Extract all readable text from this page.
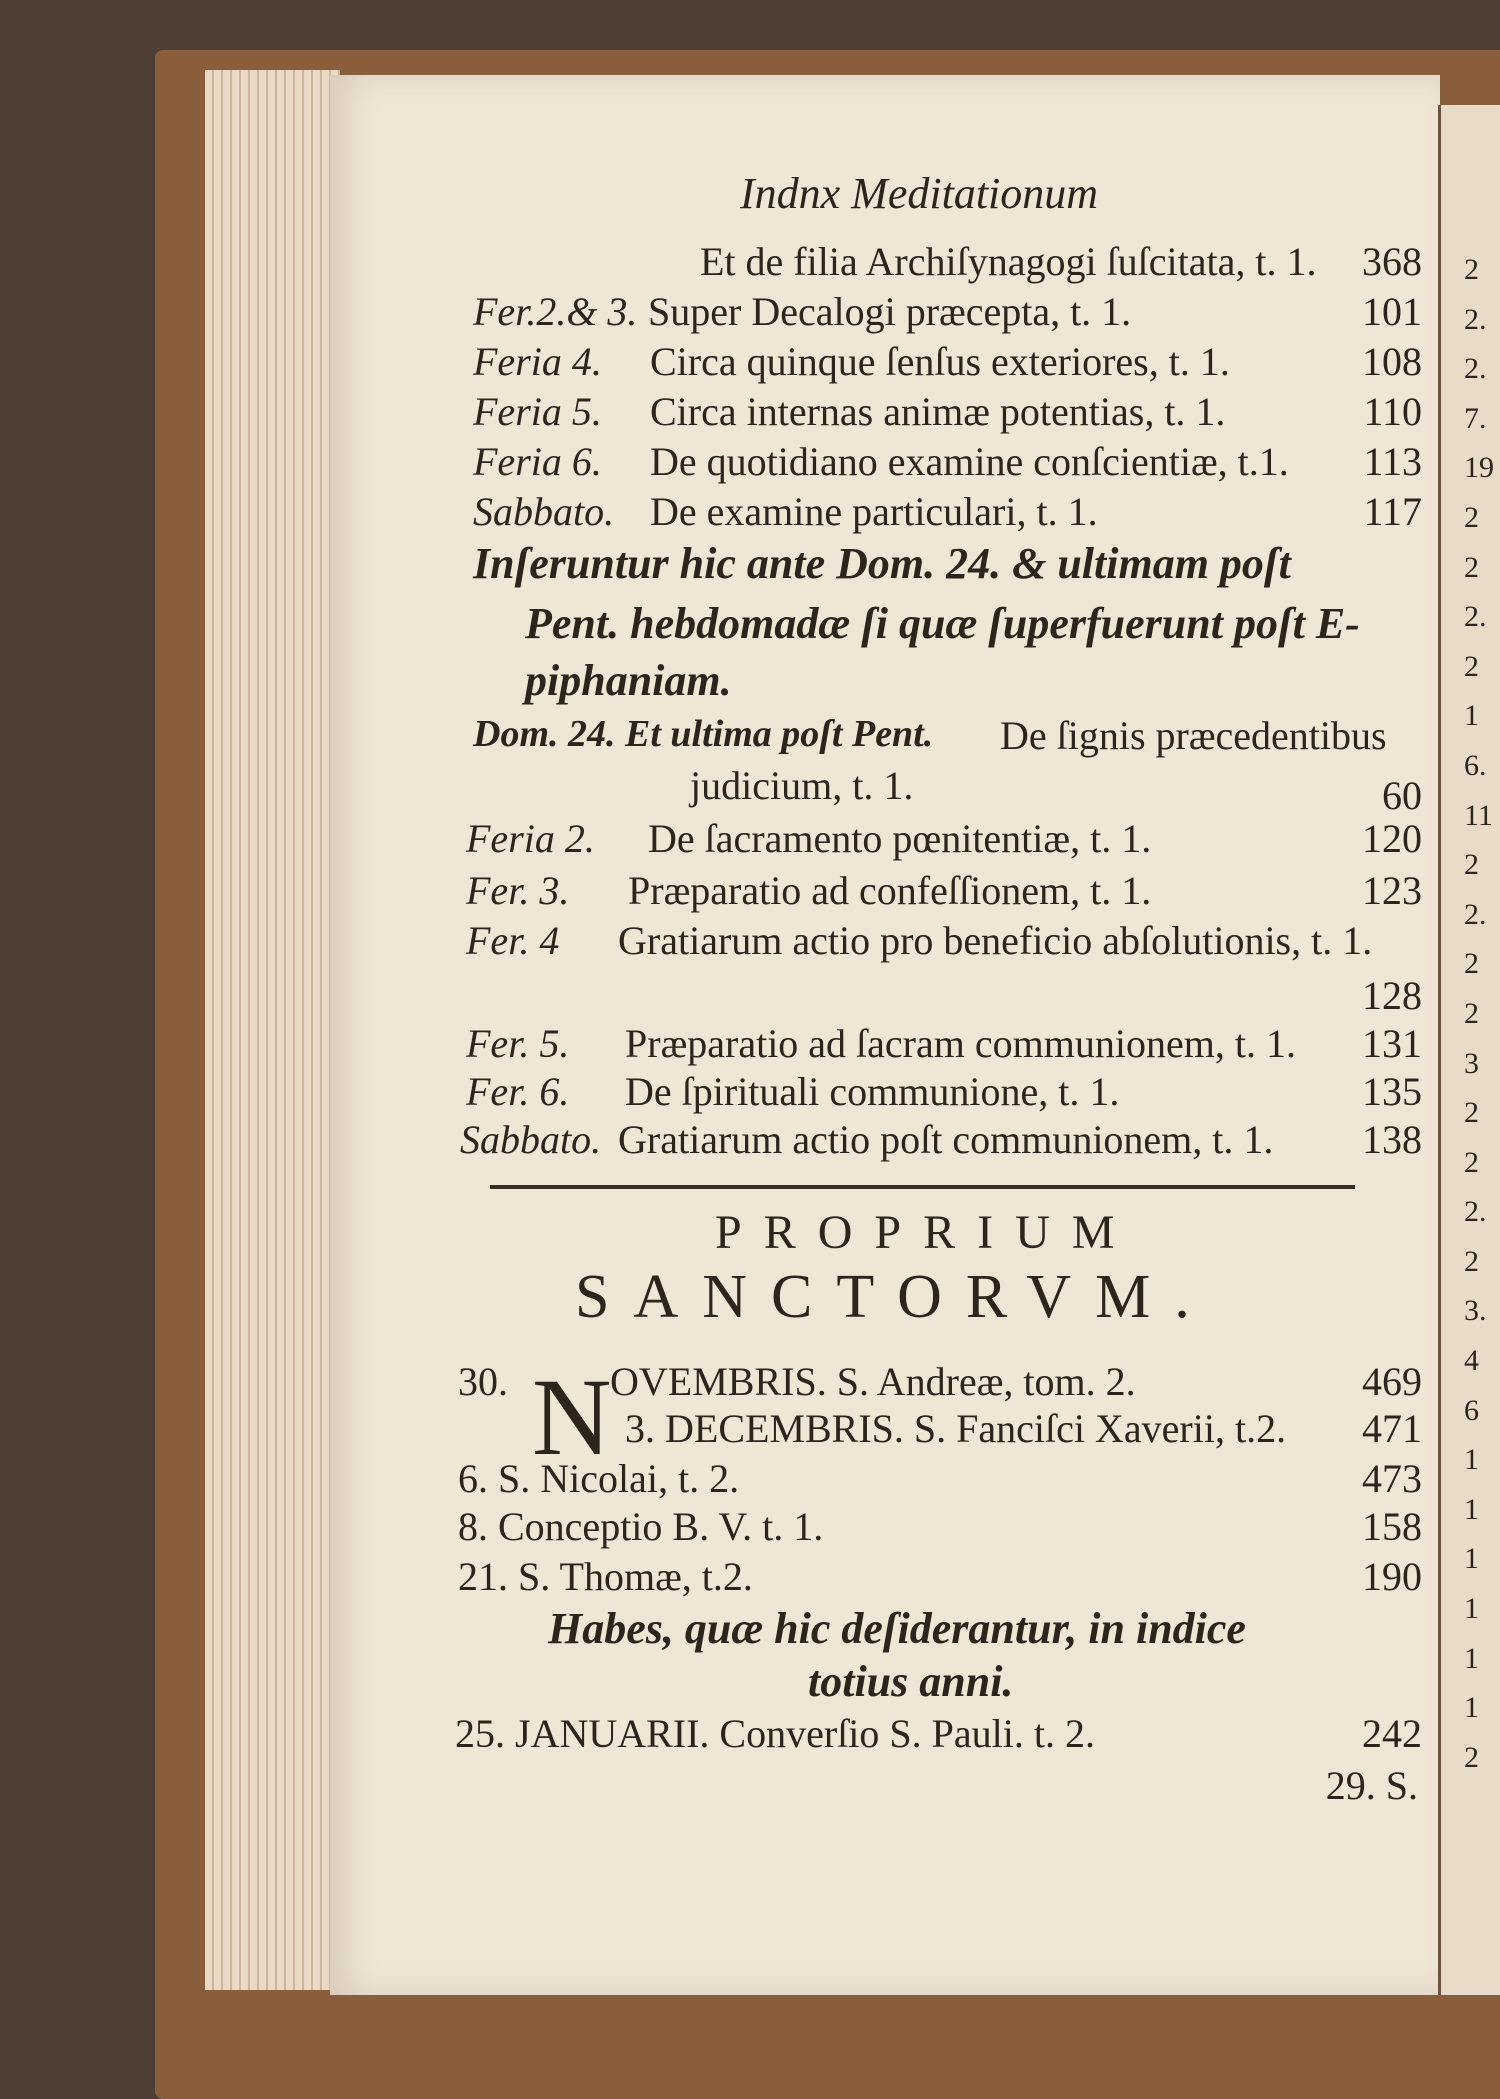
2
2.
2.
7.
19
2
2
2.
2
1
6.
11
2
2.
2
2
3
2
2
2.
2
3.
4
6
1
1
1
1
1
1
2
Indnx Meditationum
Et de filia Archiſynagogi ſuſcitata, t. 1. 368
Fer.2.& 3. Super Decalogi præcepta, t. 1.	101
Feria 4. Circa quinque ſenſus exteriores, t. 1.	108
Feria 5. Circa internas animæ potentias, t. 1.	110
Feria 6. De quotidiano examine conſcientiæ, t.1. 113
Sabbato. De examine particulari, t. 1.	117
Inſeruntur hic ante Dom. 24. & ultimam poſt
Pent. hebdomadæ ſi quæ ſuperfuerunt poſt E-
piphaniam.
Dom. 24. Et ultima poſt Pent. De ſignis præcedentibus
judicium, t. 1.	60
Feria 2. De ſacramento pœnitentiæ, t. 1.	120
Fer. 3. Præparatio ad confeſſionem, t. 1.	123
Fer. 4 Gratiarum actio pro beneficio abſolutionis, t. 1.
128
Fer. 5. Præparatio ad ſacram communionem, t. 1. 131
Fer. 6. De ſpirituali communione, t. 1.	135
Sabbato. Gratiarum actio poſt communionem, t. 1. 138
PROPRIUM
SANCTORVM.
30. N
OVEMBRIS. S. Andreæ, tom. 2.	469
3. DECEMBRIS. S. Fanciſci Xaverii, t.2. 471
6. S. Nicolai, t. 2.	473
8. Conceptio B. V. t. 1.	158
21. S. Thomæ, t.2.	190
Habes, quæ hic deſiderantur, in indice
totius anni.
25. JANUARII. Converſio S. Pauli. t. 2.	242
29. S.
